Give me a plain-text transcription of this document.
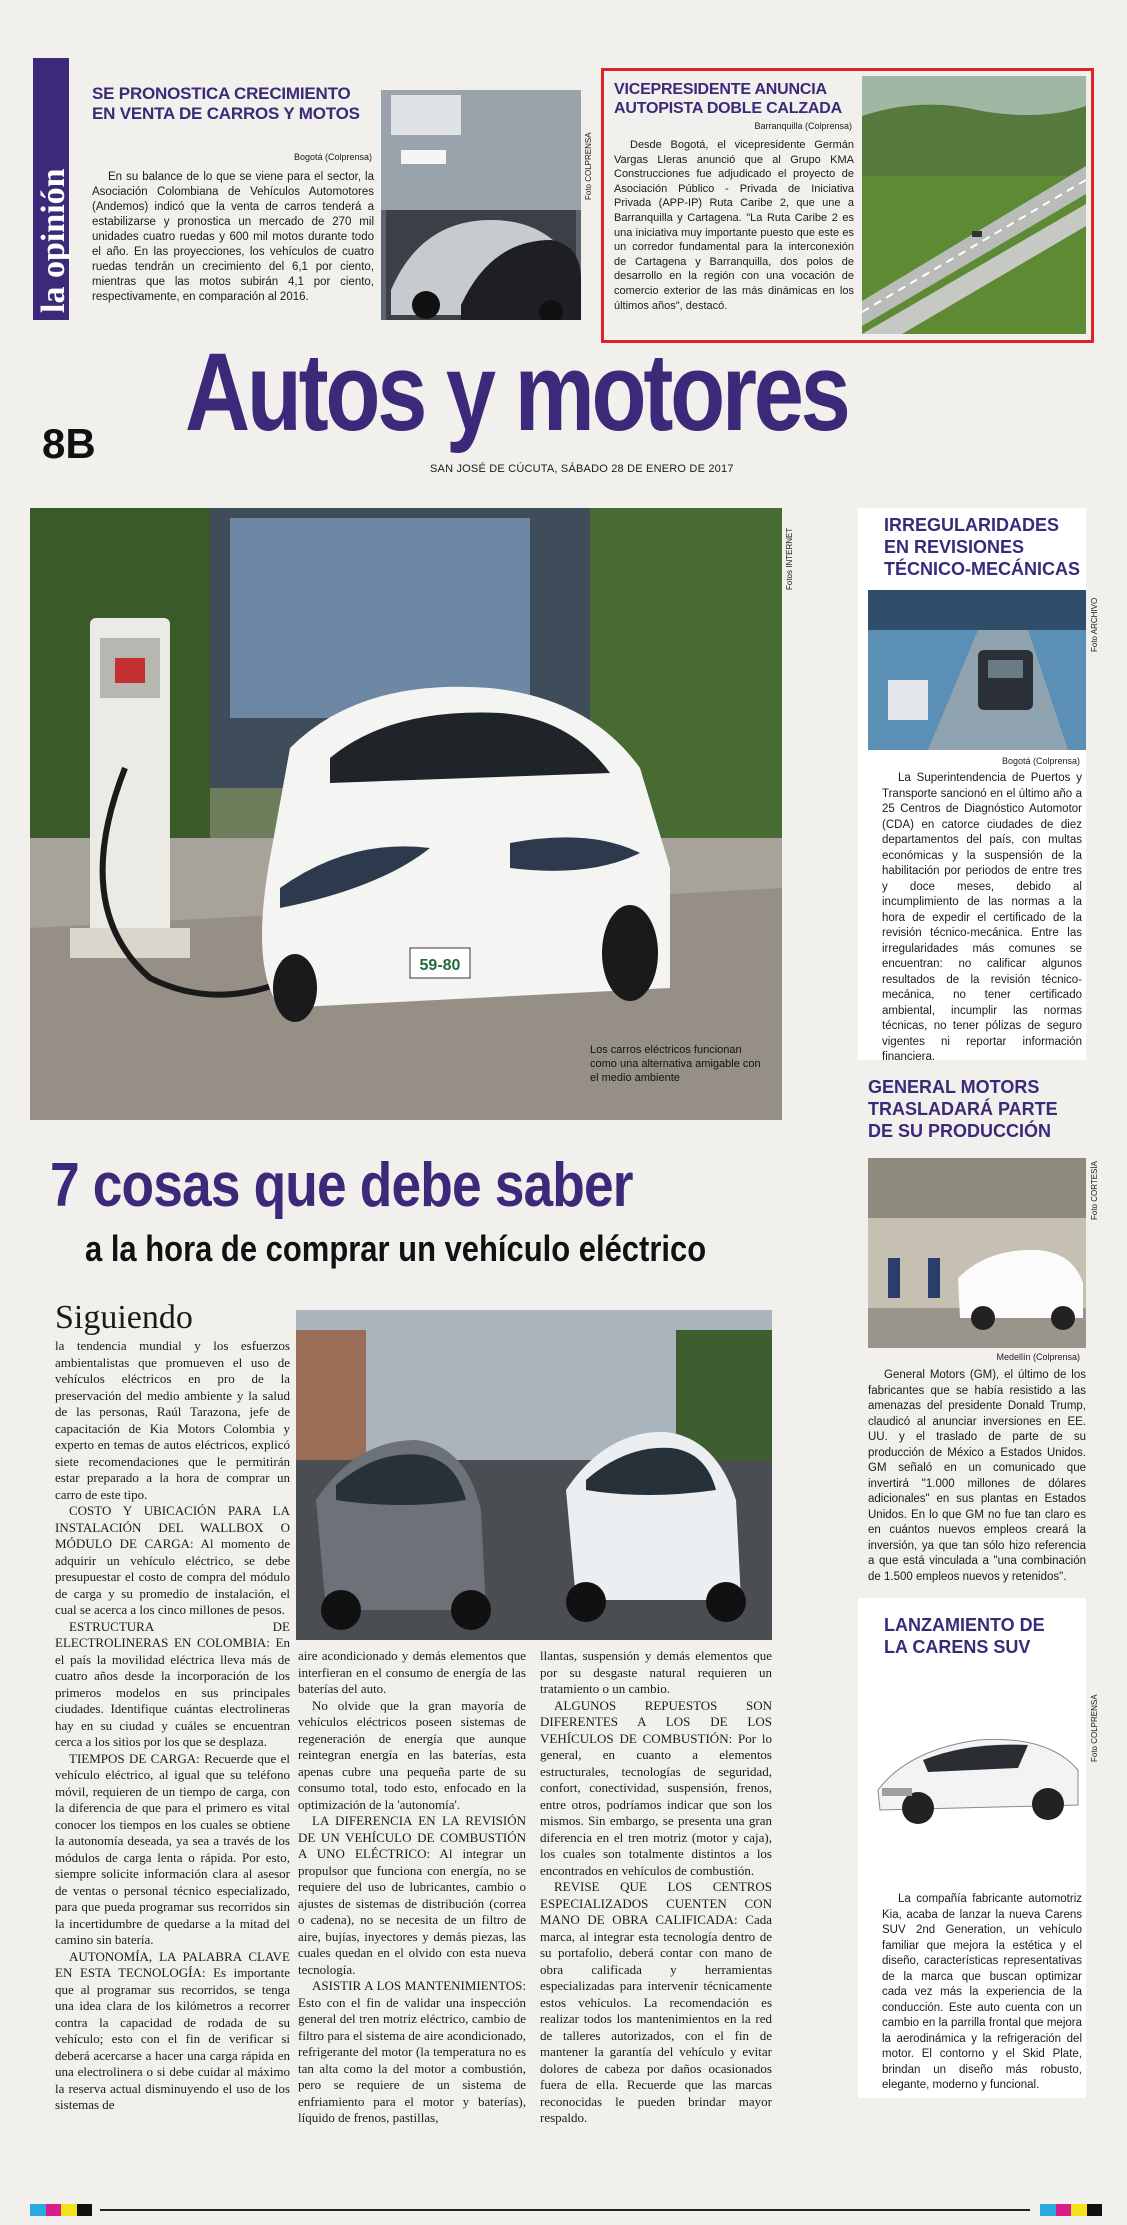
la opinión
SE PRONOSTICA CRECIMIENTO EN VENTA DE CARROS Y MOTOS
Bogotá (Colprensa)
En su balance de lo que se viene para el sector, la Asociación Colombiana de Vehículos Automotores (Andemos) indicó que la venta de carros tenderá a estabilizarse y pronostica un mercado de 270 mil unidades cuatro ruedas y 600 mil motos durante todo el año. En las proyecciones, los vehículos de cuatro ruedas tendrán un crecimiento del 6,1 por ciento, mientras que las motos subirán 4,1 por ciento, respectivamente, en comparación al 2016.
Foto COLPRENSA
VICEPRESIDENTE ANUNCIA AUTOPISTA DOBLE CALZADA
Barranquilla (Colprensa)
Desde Bogotá, el vicepresidente Germán Vargas Lleras anunció que al Grupo KMA Construcciones fue adjudicado el proyecto de Asociación Público - Privada de Iniciativa Privada (APP-IP) Ruta Caribe 2, que une a Barranquilla y Cartagena. "La Ruta Caribe 2 es una iniciativa muy importante puesto que este es un corredor fundamental para la interconexión de Cartagena y Barranquilla, dos polos de desarrollo en la región con una vocación de comercio exterior de las más dinámicas en los últimos años", destacó.
Autos y motores
8B
SAN JOSÉ DE CÚCUTA, SÁBADO 28 DE ENERO DE 2017
59-80
Fotos INTERNET
Los carros eléctricos funcionan como una alternativa amigable con el medio ambiente
7 cosas que debe saber
a la hora de comprar un vehículo eléctrico
Siguiendo

la tendencia mundial y los esfuerzos ambientalistas que promueven el uso de vehículos eléctricos en pro de la preservación del medio ambiente y la salud de las personas, Raúl Tarazona, jefe de capacitación de Kia Motors Colombia y experto en temas de autos eléctricos, explicó siete recomendaciones que le permitirán estar preparado a la hora de comprar un carro de este tipo.

COSTO Y UBICACIÓN PARA LA INSTALACIÓN DEL WALLBOX O MÓDULO DE CARGA: Al momento de adquirir un vehículo eléctrico, se debe presupuestar el costo de compra del módulo de carga y su promedio de instalación, el cual se acerca a los cinco millones de pesos.

ESTRUCTURA DE ELECTROLINERAS EN COLOMBIA: En el país la movilidad eléctrica lleva más de cuatro años desde la incorporación de los primeros modelos en sus principales ciudades. Identifique cuántas electrolineras hay en su ciudad y cuáles se encuentran cerca a los sitios por los que se desplaza.

TIEMPOS DE CARGA: Recuerde que el vehículo eléctrico, al igual que su teléfono móvil, requieren de un tiempo de carga, con la diferencia de que para el primero es vital conocer los tiempos en los cuales se obtiene la autonomía deseada, ya sea a través de los módulos de carga lenta o rápida. Por esto, siempre solicite información clara al asesor de ventas o personal técnico especializado, para que pueda programar sus recorridos sin la incertidumbre de quedarse a la mitad del camino sin batería.

AUTONOMÍA, LA PALABRA CLAVE EN ESTA TECNOLOGÍA: Es importante que al programar sus recorridos, se tenga una idea clara de los kilómetros a recorrer contra la capacidad de rodada de su vehículo; esto con el fin de verificar si deberá acercarse a hacer una carga rápida en una electrolinera o si debe cuidar al máximo la reserva actual disminuyendo el uso de los sistemas de

aire acondicionado y demás elementos que interfieran en el consumo de energía de las baterías del auto.

No olvide que la gran mayoría de vehículos eléctricos poseen sistemas de regeneración de energía que aunque reintegran energía en las baterías, esta apenas cubre una pequeña parte de su consumo total, todo esto, enfocado en la optimización de la 'autonomía'.

LA DIFERENCIA EN LA REVISIÓN DE UN VEHÍCULO DE COMBUSTIÓN A UNO ELÉCTRICO: Al integrar un propulsor que funciona con energía, no se requiere del uso de lubricantes, cambio o ajustes de sistemas de distribución (correa o cadena), no se necesita de un filtro de aire, bujías, inyectores y demás piezas, las cuales quedan en el olvido con esta nueva tecnología.

ASISTIR A LOS MANTENIMIENTOS: Esto con el fin de validar una inspección general del tren motriz eléctrico, cambio de filtro para el sistema de aire acondicionado, refrigerante del motor (la temperatura no es tan alta como la del motor a combustión, pero se requiere de un sistema de enfriamiento para el motor y baterías), líquido de frenos, pastillas,

llantas, suspensión y demás elementos que por su desgaste natural requieren un tratamiento o un cambio.

ALGUNOS REPUESTOS SON DIFERENTES A LOS DE LOS VEHÍCULOS DE COMBUSTIÓN: Por lo general, en cuanto a elementos estructurales, tecnologías de seguridad, confort, conectividad, suspensión, frenos, entre otros, podríamos indicar que son los mismos. Sin embargo, se presenta una gran diferencia en el tren motriz (motor y caja), los cuales son totalmente distintos a los encontrados en vehículos de combustión.

REVISE QUE LOS CENTROS ESPECIALIZADOS CUENTEN CON MANO DE OBRA CALIFICADA: Cada marca, al integrar esta tecnología dentro de su portafolio, deberá contar con mano de obra calificada y herramientas especializadas para intervenir técnicamente estos vehículos. La recomendación es realizar todos los mantenimientos en la red de talleres autorizados, con el fin de mantener la garantía del vehículo y evitar dolores de cabeza por daños ocasionados fuera de ella. Recuerde que las marcas reconocidas le pueden brindar mayor respaldo.

IRREGULARIDADES EN REVISIONES TÉCNICO-MECÁNICAS
Foto ARCHIVO
Bogotá (Colprensa)
La Superintendencia de Puertos y Transporte sancionó en el último año a 25 Centros de Diagnóstico Automotor (CDA) en catorce ciudades de diez departamentos del país, con multas económicas y la suspensión de la habilitación por periodos de entre tres y doce meses, debido al incumplimiento de las normas a la hora de expedir el certificado de la revisión técnico-mecánica. Entre las irregularidades más comunes se encuentran: no calificar algunos resultados de la revisión técnico-mecánica, no tener certificado ambiental, incumplir las normas técnicas, no tener pólizas de seguro vigentes ni reportar información financiera.
GENERAL MOTORS TRASLADARÁ PARTE DE SU PRODUCCIÓN
Foto CORTESÍA
Medellín (Colprensa)
General Motors (GM), el último de los fabricantes que se había resistido a las amenazas del presidente Donald Trump, claudicó al anunciar inversiones en EE. UU. y el traslado de parte de su producción de México a Estados Unidos. GM señaló en un comunicado que invertirá "1.000 millones de dólares adicionales" en sus plantas en Estados Unidos. En lo que GM no fue tan claro es en cuántos nuevos empleos creará la inversión, ya que tan sólo hizo referencia a que está vinculada a "una combinación de 1.500 empleos nuevos y retenidos".
LANZAMIENTO DE LA CARENS SUV
Foto COLPRENSA
La compañía fabricante automotriz Kia, acaba de lanzar la nueva Carens SUV 2nd Generation, un vehículo familiar que mejora la estética y el diseño, características representativas de la marca que buscan optimizar cada vez más la experiencia de la conducción. Este auto cuenta con un cambio en la parrilla frontal que mejora la aerodinámica y la refrigeración del motor. El contorno y el Skid Plate, brindan un diseño más robusto, elegante, moderno y funcional.
